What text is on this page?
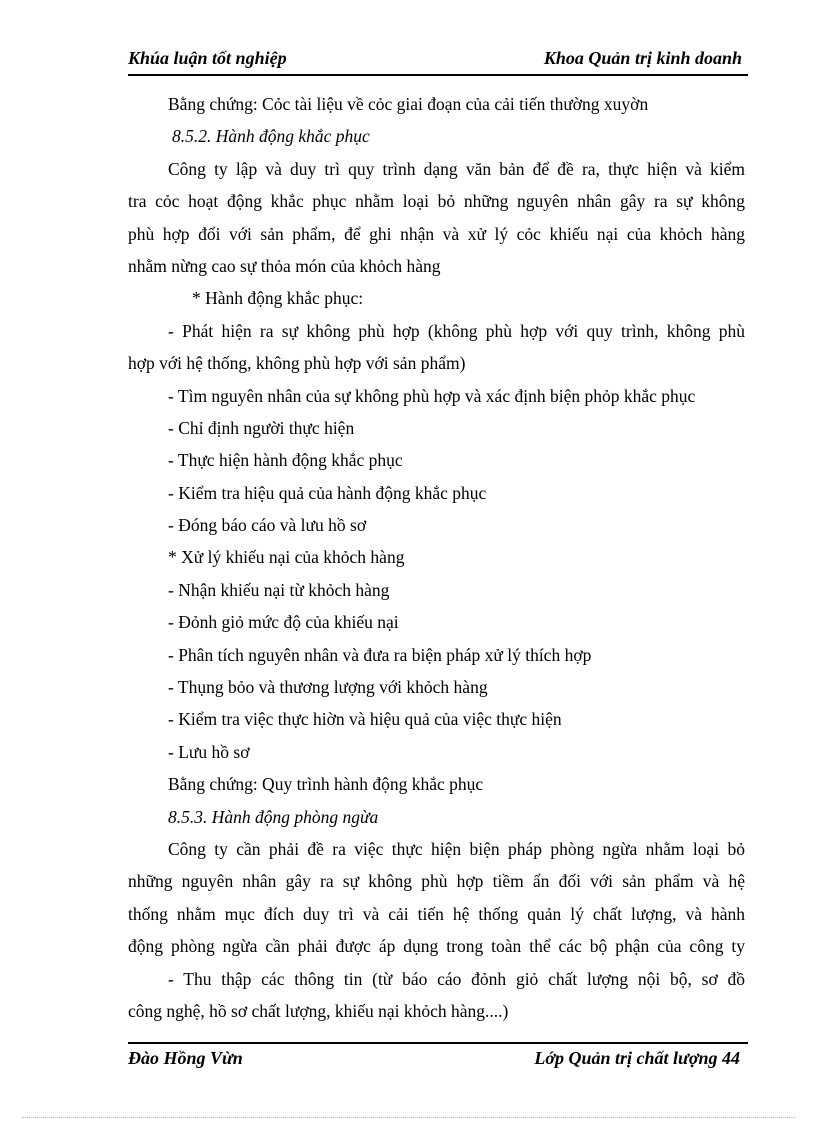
Khúa luận tốt nghiệp	Khoa Quản trị kinh doanh
Bằng chứng: Cỏc tài liệu về cỏc giai đoạn của cải tiến thường xuyờn
8.5.2. Hành động khắc phục
Công ty lập và duy trì quy trình dạng văn bản để đề ra, thực hiện và kiểm
tra cỏc hoạt động khắc phục nhằm loại bỏ những nguyên nhân gây ra sự không
phù hợp đối với sản phẩm, để ghi nhận và xử lý cỏc khiếu nại của khỏch hàng
nhằm nừng cao sự thỏa món của khỏch hàng
* Hành động khắc phục:
- Phát hiện ra sự không phù hợp (không phù hợp với quy trình, không phù
hợp với hệ thống, không phù hợp với sản phẩm)
- Tìm nguyên nhân của sự không phù hợp và xác định biện phỏp khắc phục
- Chỉ định người thực hiện
- Thực hiện hành động khắc phục
- Kiểm tra hiệu quả của hành động khắc phục
- Đóng báo cáo và lưu hồ sơ
* Xử lý khiếu nại của khỏch hàng
- Nhận khiếu nại từ khỏch hàng
- Đỏnh giỏ mức độ của khiếu nại
- Phân tích nguyên nhân và đưa ra biện pháp xử lý thích hợp
- Thụng bỏo và thương lượng với khỏch hàng
- Kiểm tra việc thực hiờn và hiệu quả của việc thực hiện
- Lưu hồ sơ
Bằng chứng: Quy trình hành động khắc phục
8.5.3. Hành động phòng ngừa
Công ty cần phải đề ra việc thực hiện biện pháp phòng ngừa nhằm loại bỏ
những nguyên nhân gây ra sự không phù hợp tiềm ẩn đối với sản phẩm và hệ
thống nhằm mục đích duy trì và cải tiến hệ thống quản lý chất lượng, và hành
động phòng ngừa cần phải được áp dụng trong toàn thể các bộ phận của công ty
- Thu thập các thông tin (từ báo cáo đỏnh giỏ chất lượng nội bộ, sơ đồ
công nghệ, hồ sơ chất lượng, khiếu nại khỏch hàng....)
Đào Hồng Vừn	Lớp Quản trị chất lượng 44
